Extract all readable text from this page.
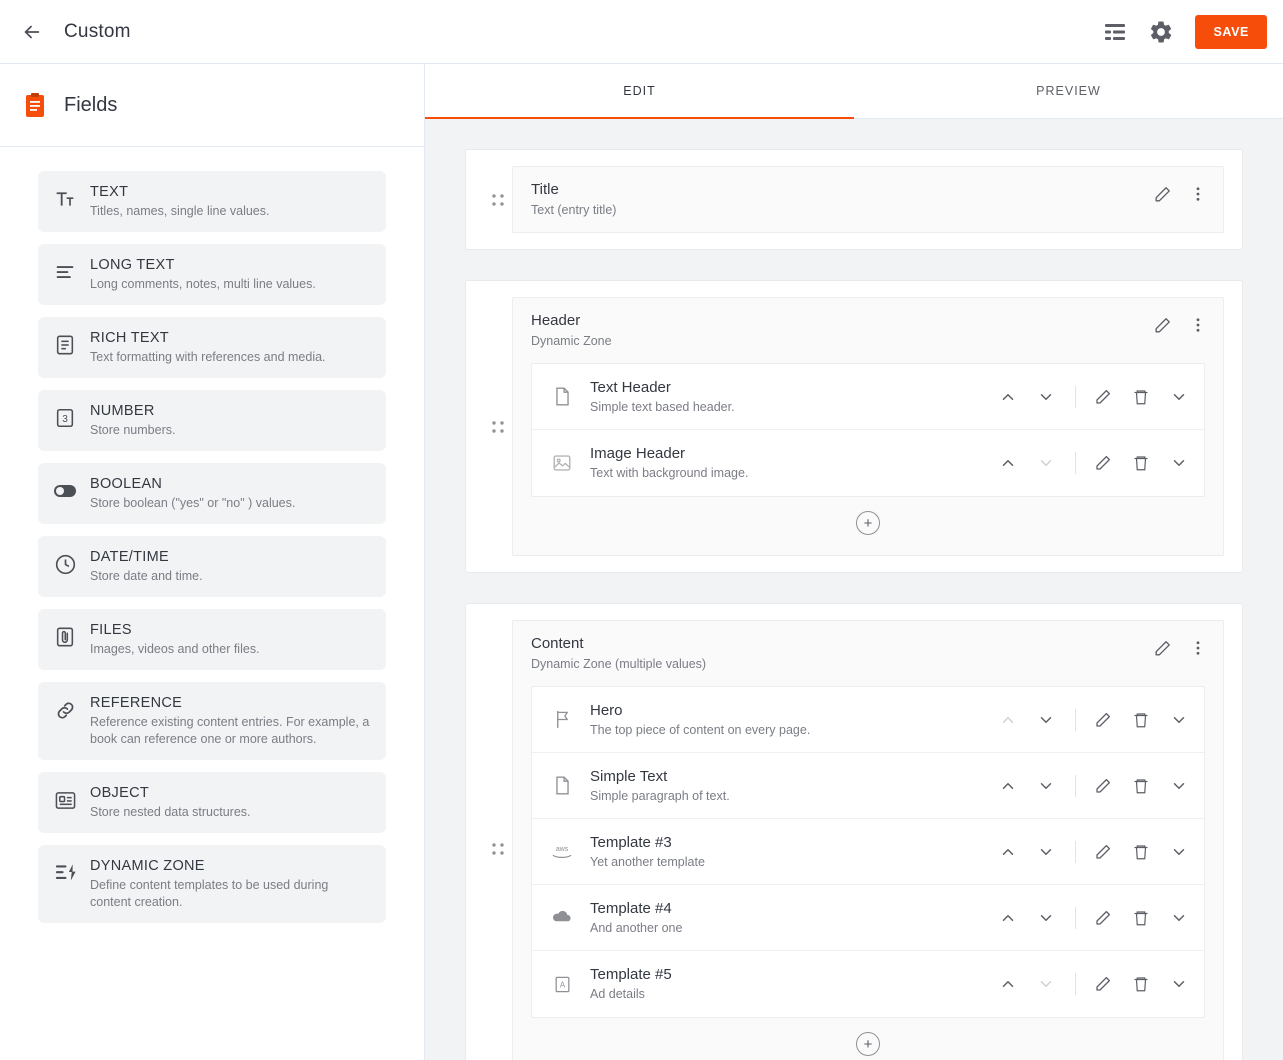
Custom	SAVE
Fields
TEXT
Titles, names, single line values.
LONG TEXT
Long comments, notes, multi line values.
RICH TEXT
Text formatting with references and media.
3
NUMBER
Store numbers.
BOOLEAN
Store boolean ("yes" or "no" ) values.
DATE/TIME
Store date and time.
FILES
Images, videos and other files.
REFERENCE
Reference existing content entries. For example, a book can reference one or more authors.
OBJECT
Store nested data structures.
DYNAMIC ZONE
Define content templates to be used during content creation.
EDIT	PREVIEW
Title
Text (entry title)
Header
Dynamic Zone
Text Header
Simple text based header.
Image Header
Text with background image.
+
Content
Dynamic Zone (multiple values)
Hero
The top piece of content on every page.
Simple Text
Simple paragraph of text.
aws Template #3
Yet another template
Template #4
And another one
A
Template #5
Ad details
+
